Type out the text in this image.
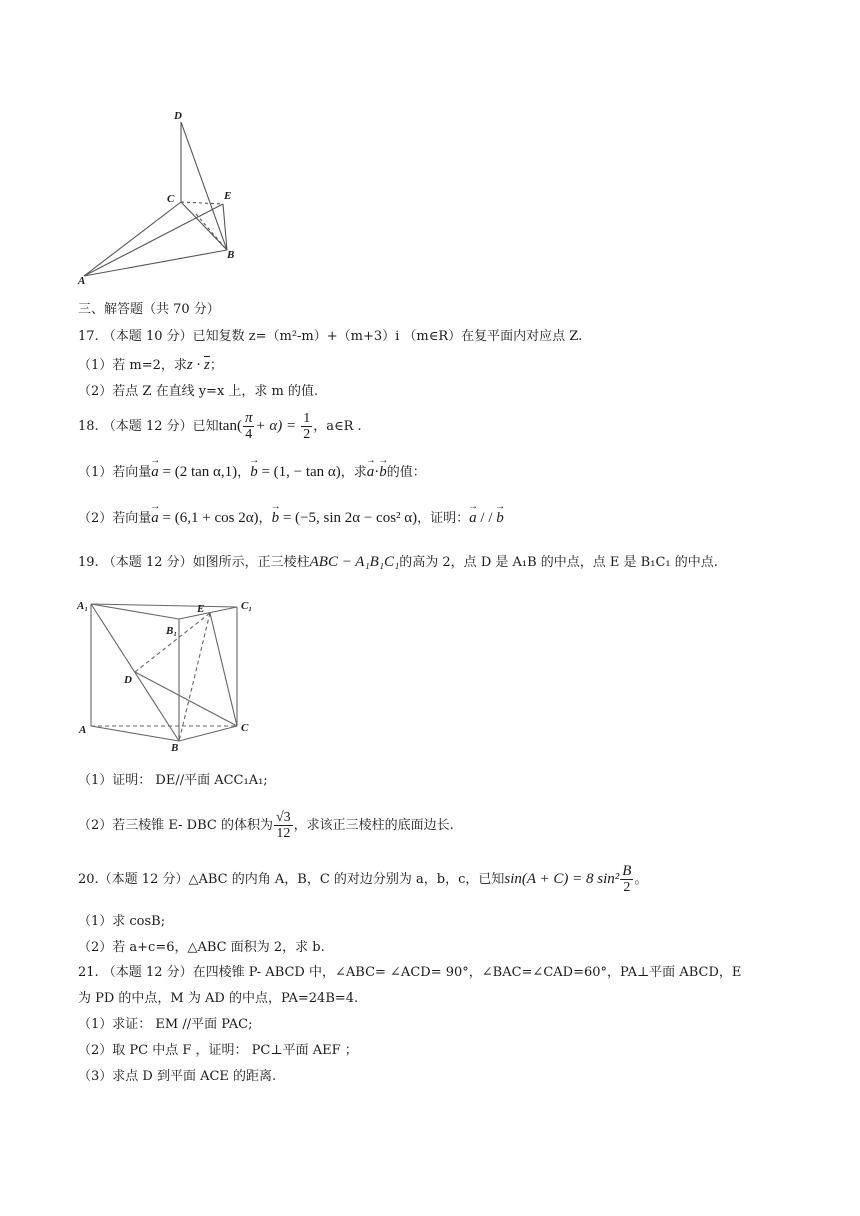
D
C	E
B
A
三、解答题（共 70 分）
17. （本题 10 分）已知复数 z=（m²-m）+（m+3）i （m∈R）在复平面内对应点 Z.
（1）若 m=2，求$z \cdot \overline{z}$；
（2）若点 Z 在直线 y=x 上，求 m 的值.
18. （本题 12 分）已知$\tan( \frac{\pi}{4} + \alpha) = \frac{1}{2}$ ，a∈R .
（1）若向量→ a = (2 tan α,1)，→ b = (1, − tan α)，求→ a·→ b的值：
（2）若向量→ a = (6,1 + cos 2α)，→ b = (−5, sin 2α − cos² α)，证明：→ a / / → b
19. （本题 12 分）如图所示，正三棱柱ABC − A₁B₁C₁的高为 2，点 D 是 A₁B 的中点，点 E 是 B₁C₁ 的中点.
A₁	E	C₁
B₁
D
A	C
B
（1）证明： DE//平面 ACC₁A₁;
（2）若三棱锥 E- DBC 的体积为 $\frac{√3}{12}$ ，求该正三棱柱的底面边长.
20.（本题 12 分）△ABC 的内角 A，B，C 的对边分别为 a，b，c，已知sin(A + C) = 8 $\sin^2 \frac{B}{2}$ 。
（1）求 cosB;
（2）若 a+c=6，△ABC 面积为 2，求 b.
21. （本题 12 分）在四棱锥 P- ABCD 中，∠ABC= ∠ACD= 90°，∠BAC=∠CAD=60°，PA⊥平面 ABCD，E
为 PD 的中点，M 为 AD 的中点，PA=24B=4.
（1）求证： EM //平面 PAC;
（2）取 PC 中点 F ，证明： PC⊥平面 AEF ；
（3）求点 D 到平面 ACE 的距离.
